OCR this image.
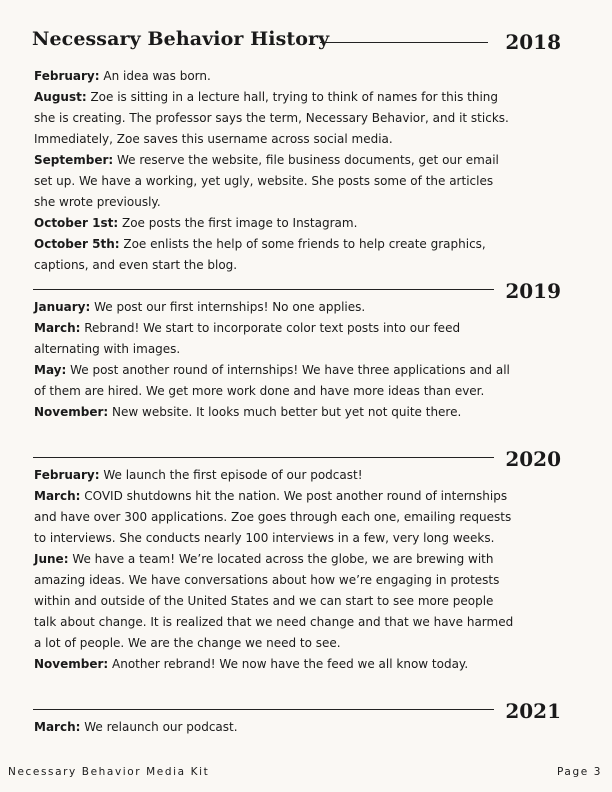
Necessary Behavior History	2018

February: An idea was born.

August: Zoe is sitting in a lecture hall, trying to think of names for this thing she is creating. The professor says the term, Necessary Behavior, and it sticks. Immediately, Zoe saves this username across social media.

September: We reserve the website, file business documents, get our email set up. We have a working, yet ugly, website. She posts some of the articles she wrote previously.

October 1st: Zoe posts the first image to Instagram.

October 5th: Zoe enlists the help of some friends to help create graphics, captions, and even start the blog.

2019

January: We post our first internships! No one applies.

March: Rebrand! We start to incorporate color text posts into our feed alternating with images.

May: We post another round of internships! We have three applications and all of them are hired. We get more work done and have more ideas than ever.

November: New website. It looks much better but yet not quite there.

2020

February: We launch the first episode of our podcast!

March: COVID shutdowns hit the nation. We post another round of internships and have over 300 applications. Zoe goes through each one, emailing requests to interviews. She conducts nearly 100 interviews in a few, very long weeks.

June: We have a team! We’re located across the globe, we are brewing with amazing ideas. We have conversations about how we’re engaging in protests within and outside of the United States and we can start to see more people talk about change. It is realized that we need change and that we have harmed a lot of people. We are the change we need to see.

November: Another rebrand! We now have the feed we all know today.

2021

March: We relaunch our podcast.

Necessary Behavior Media Kit	Page 3
